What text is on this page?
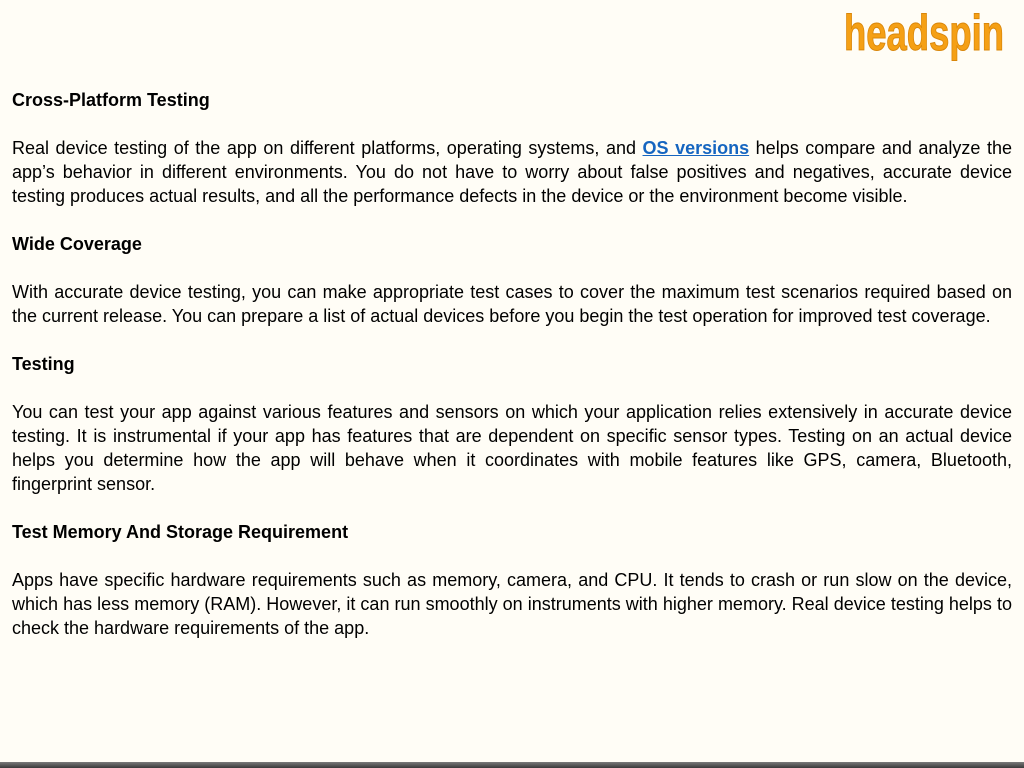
headspin
Cross-Platform Testing

Real device testing of the app on different platforms, operating systems, and OS versions helps compare and analyze the app’s behavior in different environments. You do not have to worry about false positives and negatives, accurate device testing produces actual results, and all the performance defects in the device or the environment become visible.

Wide Coverage

With accurate device testing, you can make appropriate test cases to cover the maximum test scenarios required based on the current release. You can prepare a list of actual devices before you begin the test operation for improved test coverage.

Testing

You can test your app against various features and sensors on which your application relies extensively in accurate device testing. It is instrumental if your app has features that are dependent on specific sensor types. Testing on an actual device helps you determine how the app will behave when it coordinates with mobile features like GPS, camera, Bluetooth, fingerprint sensor.

Test Memory And Storage Requirement

Apps have specific hardware requirements such as memory, camera, and CPU. It tends to crash or run slow on the device, which has less memory (RAM). However, it can run smoothly on instruments with higher memory. Real device testing helps to check the hardware requirements of the app.
